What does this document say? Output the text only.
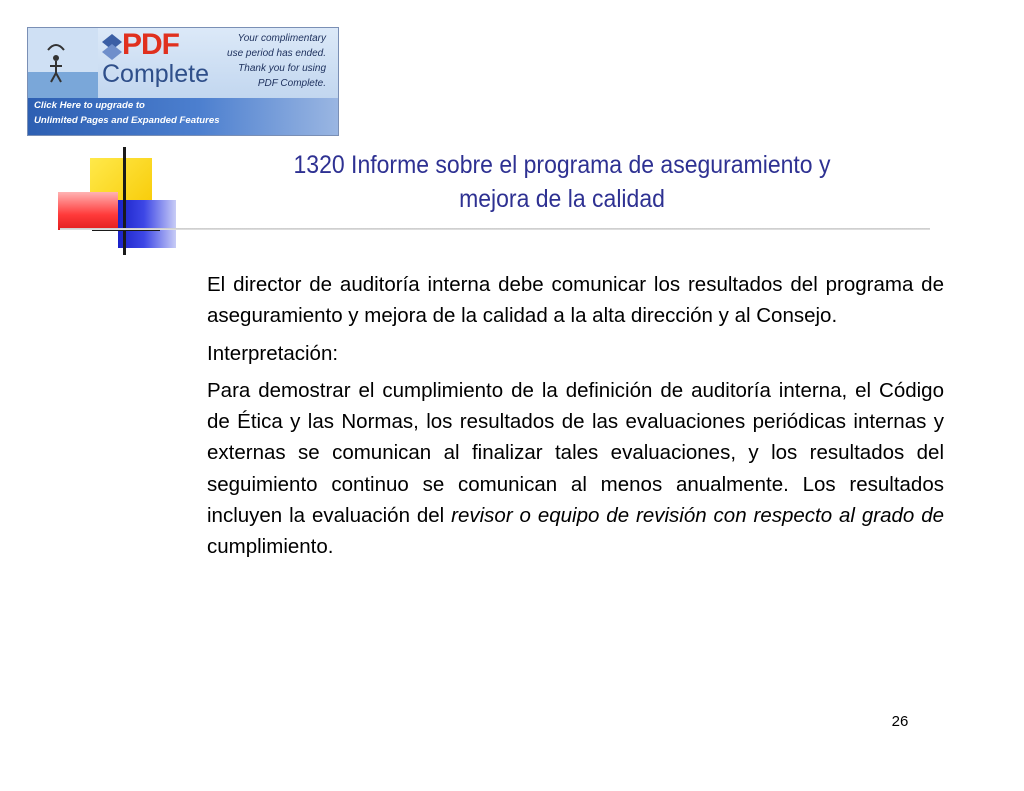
PDF
Complete
Your complimentary
use period has ended.
Thank you for using
PDF Complete.
Click Here to upgrade to
Unlimited Pages and Expanded Features
1320 Informe sobre el programa de aseguramiento y
mejora de la calidad

El director de auditoría interna debe comunicar los resultados del programa de aseguramiento y mejora de la calidad a la alta dirección y al Consejo.

Interpretación:

Para demostrar el cumplimiento de la definición de auditoría interna, el Código de Ética y las Normas, los resultados de las evaluaciones periódicas internas y externas se comunican al finalizar tales evaluaciones, y los resultados del seguimiento continuo se comunican al menos anualmente. Los resultados incluyen la evaluación del revisor o equipo de revisión con respecto al grado de cumplimiento.

26
